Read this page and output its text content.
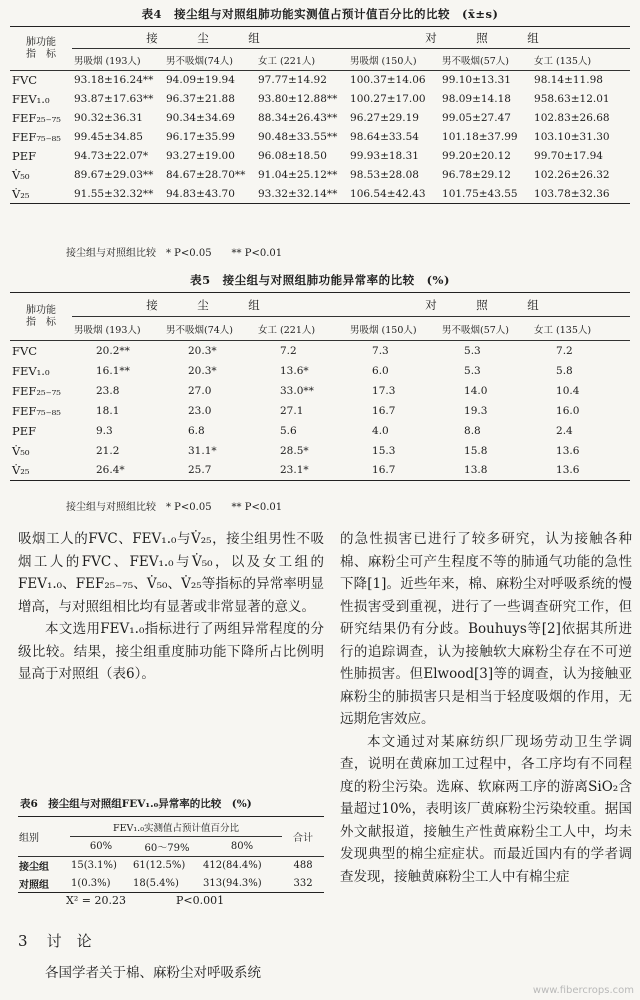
表4　接尘组与对照组肺功能实测值占预计值百分比的比较　(x̄±s)
肺功能
指　标	接　尘　组			对　照　组		
	男吸烟 (193人)	男不吸烟(74人)	女工 (221人)	男吸烟 (150人)	男不吸烟(57人)	女工 (135人)
FVC	93.18±16.24**	94.09±19.94	97.77±14.92	100.37±14.06	99.10±13.31	98.14±11.98
FEV₁.₀	93.87±17.63**	96.37±21.88	93.80±12.88**	100.27±17.00	98.09±14.18	958.63±12.01
FEF₂₅₋₇₅	90.32±36.31	90.34±34.69	88.34±26.43**	96.27±29.19	99.05±27.47	102.83±26.68
FEF₇₅₋₈₅	99.45±34.85	96.17±35.99	90.48±33.55**	98.64±33.54	101.18±37.99	103.10±31.30
PEF	94.73±22.07*	93.27±19.00	96.08±18.50	99.93±18.31	99.20±20.12	99.70±17.94
V̇₅₀	89.67±29.03**	84.67±28.70**	91.04±25.12**	98.53±28.08	96.78±29.12	102.26±26.32
V̇₂₅	91.55±32.32**	94.83±43.70	93.32±32.14**	106.54±42.43	101.75±43.55	103.78±32.36
接尘组与对照组比较　* P<0.05　　** P<0.01
表5　接尘组与对照组肺功能异常率的比较　(%)
肺功能
指　标	接　尘　组			对　照　组		
	男吸烟 (193人)	男不吸烟(74人)	女工 (221人)	男吸烟 (150人)	男不吸烟(57人)	女工 (135人)
FVC	20.2**	20.3*	7.2	7.3	5.3	7.2
FEV₁.₀	16.1**	20.3*	13.6*	6.0	5.3	5.8
FEF₂₅₋₇₅	23.8	27.0	33.0**	17.3	14.0	10.4
FEF₇₅₋₈₅	18.1	23.0	27.1	16.7	19.3	16.0
PEF	9.3	6.8	5.6	4.0	8.8	2.4
V̇₅₀	21.2	31.1*	28.5*	15.3	15.8	13.6
V̇₂₅	26.4*	25.7	23.1*	16.7	13.8	13.6
接尘组与对照组比较　* P<0.05　　** P<0.01

吸烟工人的FVC、FEV₁.₀与V̇₂₅，接尘组男性不吸烟工人的FVC、FEV₁.₀与V̇₅₀，以及女工组的FEV₁.₀、FEF₂₅₋₇₅、V̇₅₀、V̇₂₅等指标的异常率明显增高，与对照组相比均有显著或非常显著的意义。

本文选用FEV₁.₀指标进行了两组异常程度的分级比较。结果，接尘组重度肺功能下降所占比例明显高于对照组（表6）。

表6　接尘组与对照组FEV₁.₀异常率的比较　(%)
组别	FEV₁.₀实测值占预计值百分比			合计
	60%	60～79%	80%	
接尘组	15(3.1%)	61(12.5%)	412(84.4%)	488
对照组	1(0.3%)	18(5.4%)	313(94.3%)	332
X² = 20.23	P<0.001
3 讨　论

各国学者关于棉、麻粉尘对呼吸系统

的急性损害已进行了较多研究，认为接触各种棉、麻粉尘可产生程度不等的肺通气功能的急性下降[1]。近些年来，棉、麻粉尘对呼吸系统的慢性损害受到重视，进行了一些调查研究工作，但研究结果仍有分歧。Bouhuys等[2]依据其所进行的追踪调查，认为接触软大麻粉尘存在不可逆性肺损害。但Elwood[3]等的调查，认为接触亚麻粉尘的肺损害只是相当于轻度吸烟的作用，无远期危害效应。

本文通过对某麻纺织厂现场劳动卫生学调查，说明在黄麻加工过程中，各工序均有不同程度的粉尘污染。选麻、软麻两工序的游离SiO₂含量超过10%，表明该厂黄麻粉尘污染较重。据国外文献报道，接触生产性黄麻粉尘工人中，均未发现典型的棉尘症症状。而最近国内有的学者调查发现，接触黄麻粉尘工人中有棉尘症

www.fibercrops.com
